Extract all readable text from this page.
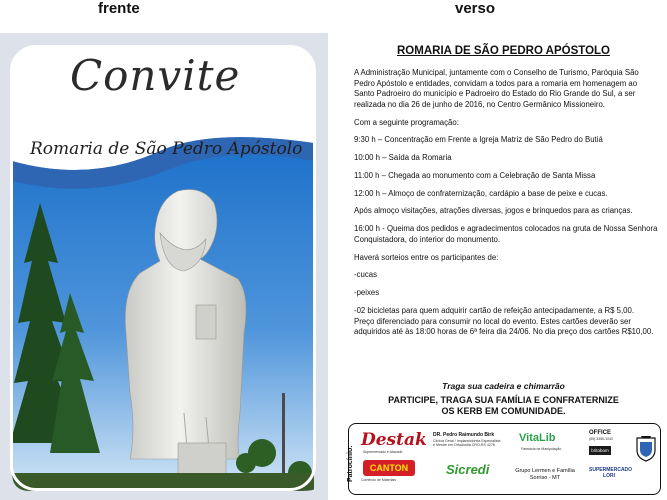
frente	verso
Convite
Romaria de São Pedro Apóstolo
ROMARIA DE SÃO PEDRO APÓSTOLO

A Administração Municipal, juntamente com o Conselho de Turismo, Paróquia São Pedro Apóstolo e entidades, convidam a todos para a romaria em homenagem ao Santo Padroeiro do município e Padroeiro do Estado do Rio Grande do Sul, a ser realizada no dia 26 de junho de 2016, no Centro Germânico Missioneiro.

Com a seguinte programação:

9:30 h – Concentração em Frente a Igreja Matriz de São Pedro do Butiá

10:00 h – Saída da Romaria

11:00 h – Chegada ao monumento com a Celebração de Santa Missa

12:00 h – Almoço de confraternização, cardápio a base de peixe e cucas.

Após almoço visitações, atrações diversas, jogos e brinquedos para as crianças.

16:00 h - Queima dos pedidos e agradecimentos colocados na gruta de Nossa Senhora Conquistadora, do interior do monumento.

Haverá sorteios entre os participantes de:

-cucas

-peixes

-02 bicicletas para quem adquirir cartão de refeição antecipadamente, a R$ 5,00.

Preço diferenciado para consumir no local do evento. Estes cartões deverão ser adquiridos até às 18:00 horas de 6ª feira dia 24/06. No dia preço dos cartões R$10,00.

Traga sua cadeira e chimarrão
PARTICIPE, TRAGA SUA FAMÍLIA E CONFRATERNIZE
OS KERB EM COMUNIDADE.
Patrocínio:
Destak
Supermercado e Atacado
CANTON
Comércio de Materiais
DR. Pedro Raimundo Birk
Clínica Geral / Implantodontia Especialista e Mestre em Ortodontia CRO-RS 4276
Sicredi
VitaLib
Farmácia de Manipulação
Grupo Lermen e Família
Sorriso - MT
OFFICE
(55) 3355-1040
britobom
SUPERMERCADO
LORI
